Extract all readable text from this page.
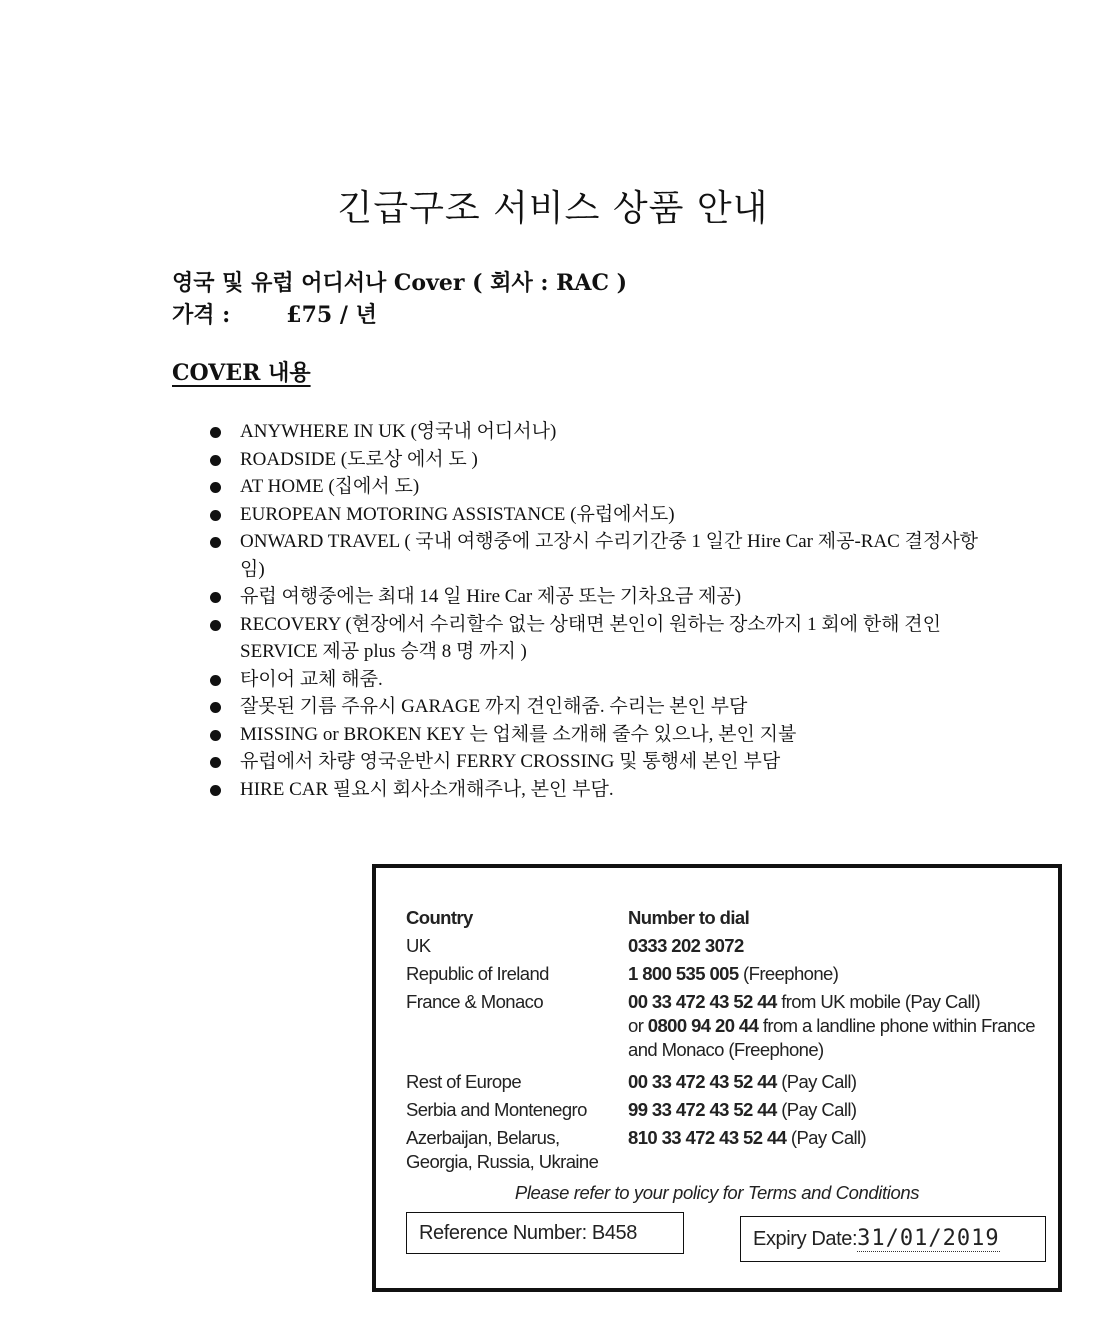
긴급구조 서비스 상품 안내
영국 및 유럽 어디서나 Cover ( 회사 : RAC )
가격 :	£75 / 년
COVER 내용
ANYWHERE IN UK (영국내 어디서나)
ROADSIDE (도로상 에서 도 )
AT HOME (집에서 도)
EUROPEAN MOTORING ASSISTANCE (유럽에서도)
ONWARD TRAVEL ( 국내 여행중에 고장시 수리기간중 1 일간 Hire Car 제공-RAC 결정사항임)
유럽 여행중에는 최대 14 일 Hire Car 제공 또는 기차요금 제공)
RECOVERY (현장에서 수리할수 없는 상태면 본인이 원하는 장소까지 1 회에 한해 견인 SERVICE 제공 plus 승객 8 명 까지 )
타이어 교체 해줌.
잘못된 기름 주유시 GARAGE 까지 견인해줌. 수리는 본인 부담
MISSING or BROKEN KEY 는 업체를 소개해 줄수 있으나, 본인 지불
유럽에서 차량 영국운반시 FERRY CROSSING 및 통행세 본인 부담
HIRE CAR 필요시 회사소개해주나, 본인 부담.
Country	Number to dial
UK	0333 202 3072
Republic of Ireland	1 800 535 005 (Freephone)
France & Monaco	00 33 472 43 52 44 from UK mobile (Pay Call)
or 0800 94 20 44 from a landline phone within France and Monaco (Freephone)
Rest of Europe	00 33 472 43 52 44 (Pay Call)
Serbia and Montenegro	99 33 472 43 52 44 (Pay Call)
Azerbaijan, Belarus, Georgia, Russia, Ukraine	810 33 472 43 52 44 (Pay Call)
Please refer to your policy for Terms and Conditions
Reference Number: B458	Expiry Date:31/01/2019
